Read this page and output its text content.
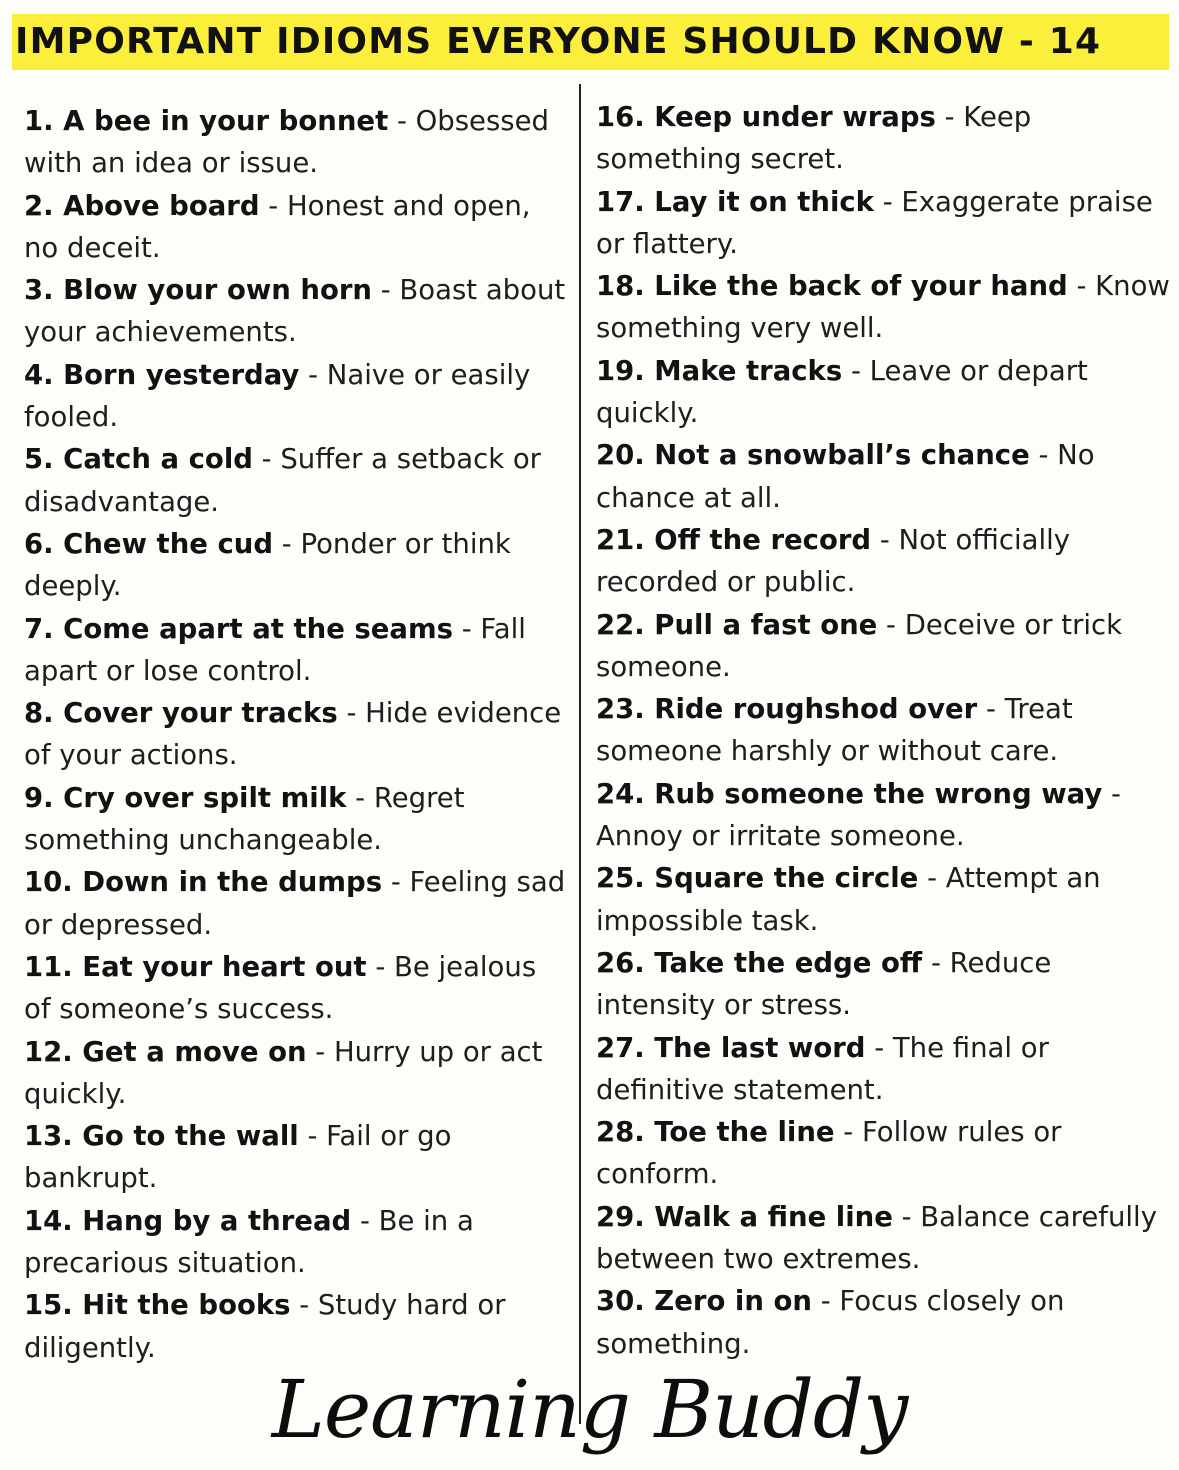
IMPORTANT IDIOMS EVERYONE SHOULD KNOW - 14

1. A bee in your bonnet - Obsessed with an idea or issue.

2. Above board - Honest and open, no deceit.

3. Blow your own horn - Boast about your achievements.

4. Born yesterday - Naive or easily fooled.

5. Catch a cold - Suffer a setback or disadvantage.

6. Chew the cud - Ponder or think deeply.

7. Come apart at the seams - Fall apart or lose control.

8. Cover your tracks - Hide evidence of your actions.

9. Cry over spilt milk - Regret something unchangeable.

10. Down in the dumps - Feeling sad or depressed.

11. Eat your heart out - Be jealous of someone’s success.

12. Get a move on - Hurry up or act quickly.

13. Go to the wall - Fail or go bankrupt.

14. Hang by a thread - Be in a precarious situation.

15. Hit the books - Study hard or diligently.

16. Keep under wraps - Keep something secret.

17. Lay it on thick - Exaggerate praise or flattery.

18. Like the back of your hand - Know something very well.

19. Make tracks - Leave or depart quickly.

20. Not a snowball’s chance - No chance at all.

21. Off the record - Not officially recorded or public.

22. Pull a fast one - Deceive or trick someone.

23. Ride roughshod over - Treat someone harshly or without care.

24. Rub someone the wrong way - Annoy or irritate someone.

25. Square the circle - Attempt an impossible task.

26. Take the edge off - Reduce intensity or stress.

27. The last word - The final or definitive statement.

28. Toe the line - Follow rules or conform.

29. Walk a fine line - Balance carefully between two extremes.

30. Zero in on - Focus closely on something.

Learning Buddy
